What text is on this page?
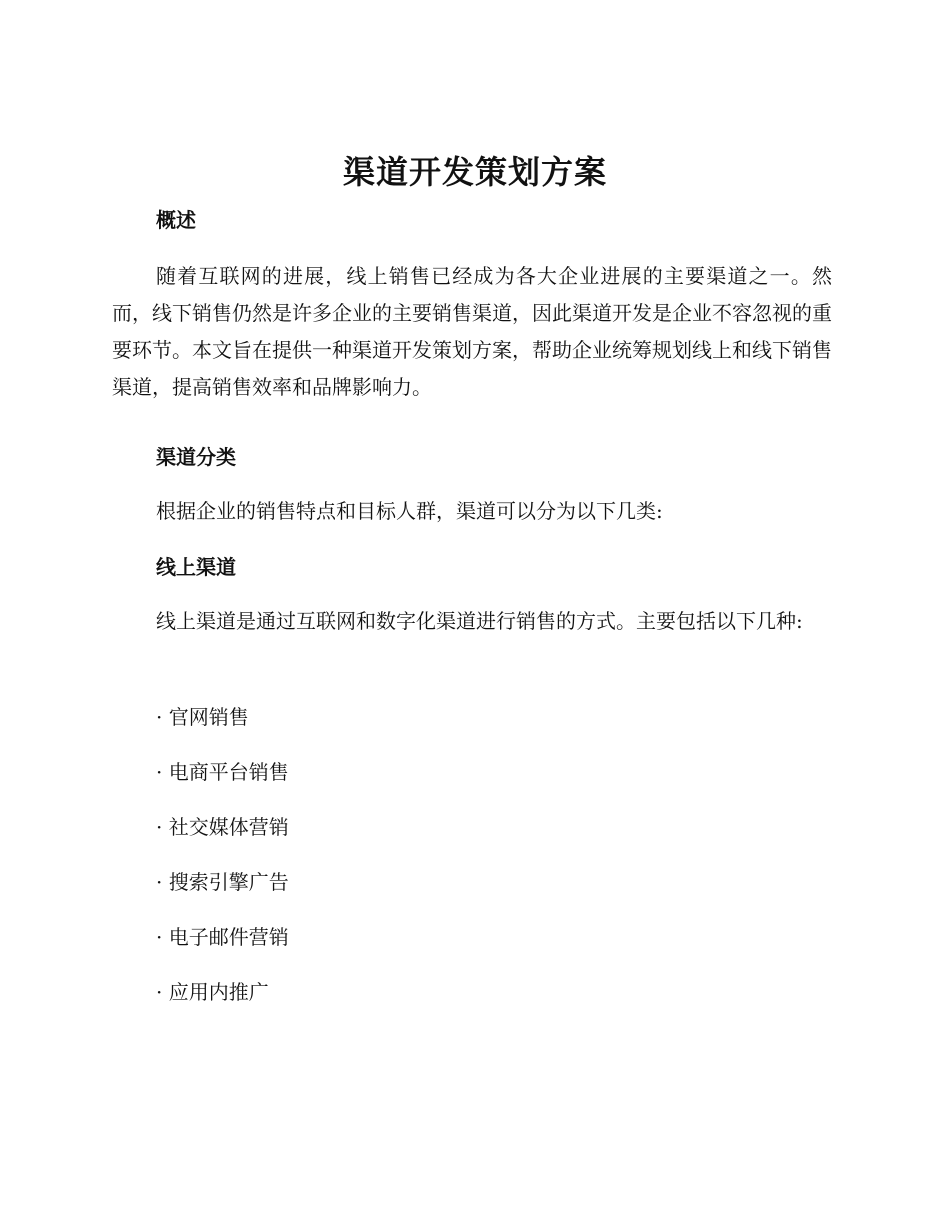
渠道开发策划方案
概述

随着互联网的进展，线上销售已经成为各大企业进展的主要渠道之一。然而，线下销售仍然是许多企业的主要销售渠道，因此渠道开发是企业不容忽视的重要环节。本文旨在提供一种渠道开发策划方案，帮助企业统筹规划线上和线下销售渠道，提高销售效率和品牌影响力。

渠道分类

根据企业的销售特点和目标人群，渠道可以分为以下几类:

线上渠道

线上渠道是通过互联网和数字化渠道进行销售的方式。主要包括以下几种:

· 官网销售
· 电商平台销售
· 社交媒体营销
· 搜索引擎广告
· 电子邮件营销
· 应用内推广
